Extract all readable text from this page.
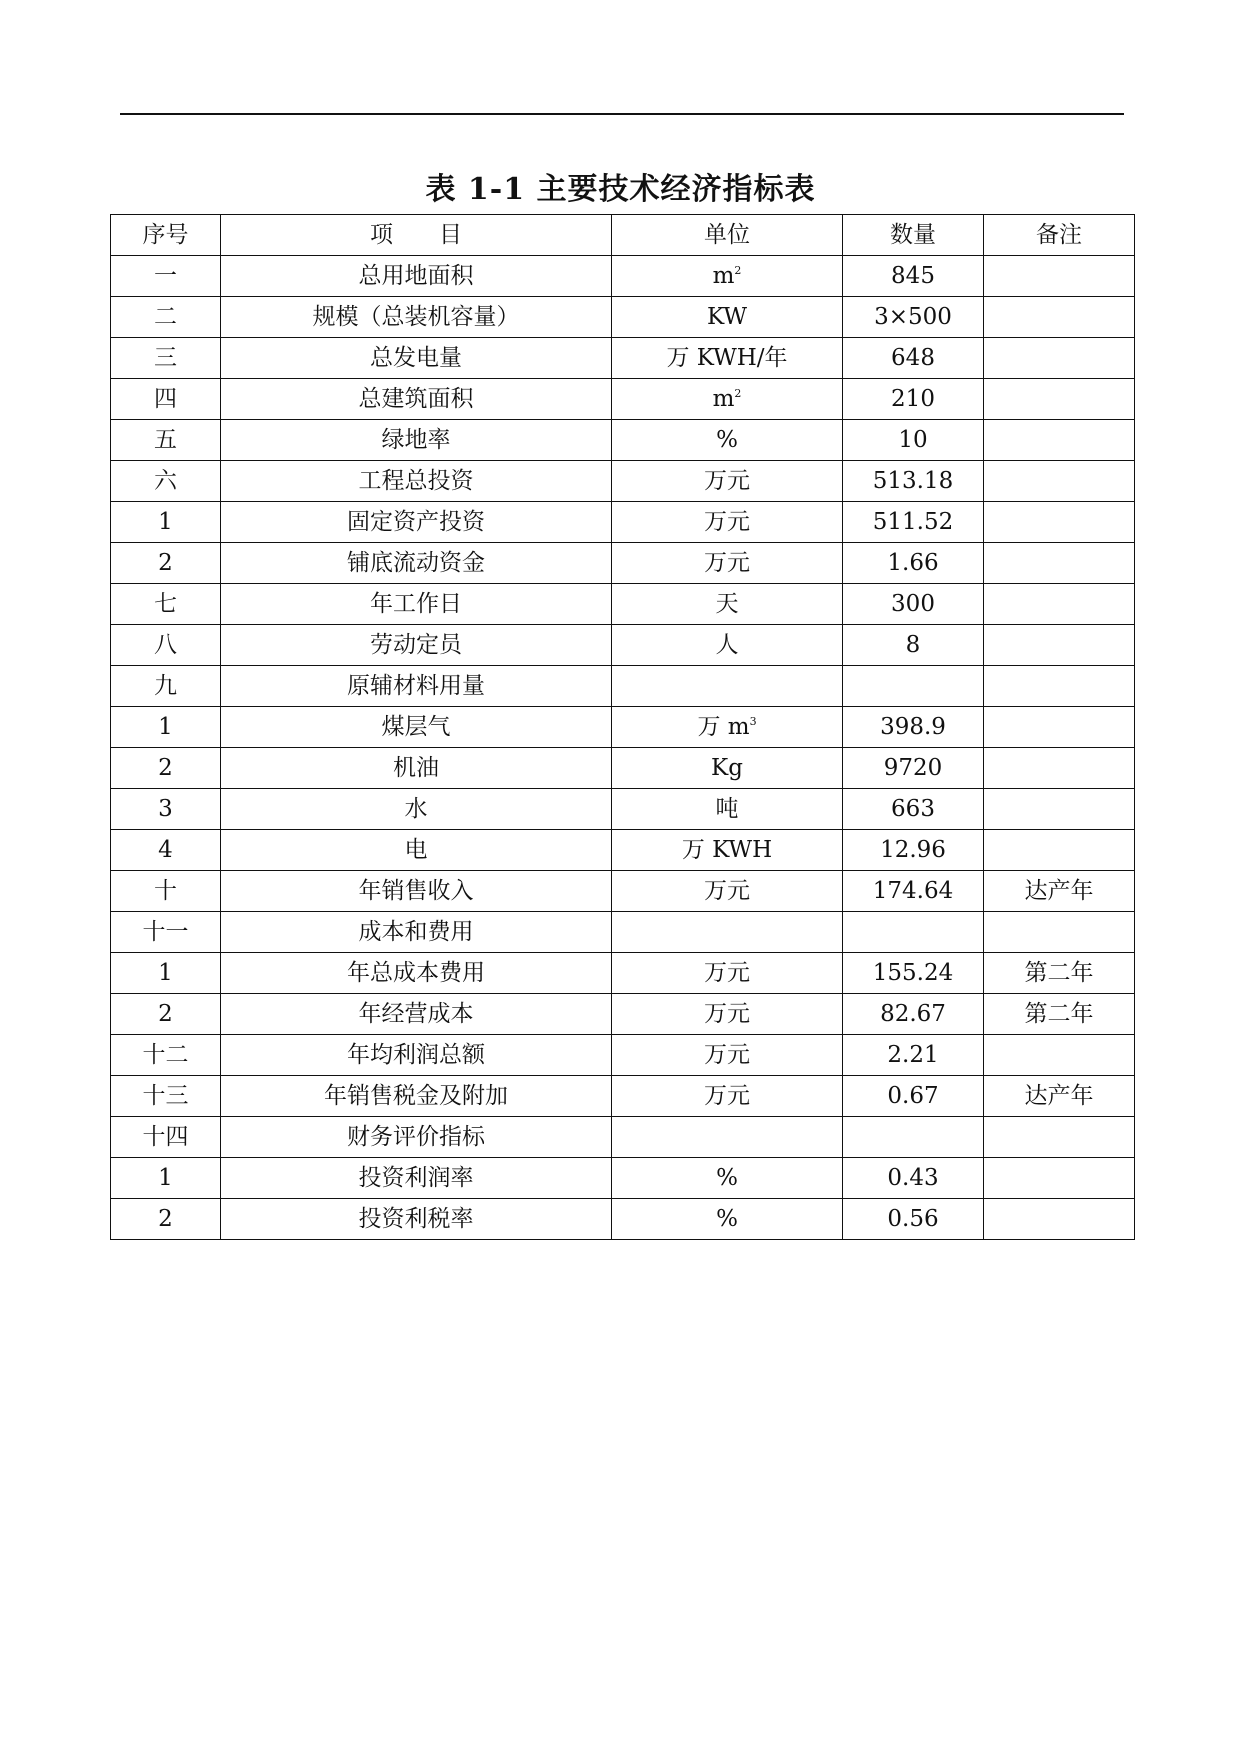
表 1-1 主要技术经济指标表
序号	项　　目	单位	数量	备注
一	总用地面积	$m^2$	845	
二	规模（总装机容量）	KW	3×500	
三	总发电量	万 KWH/年	648	
四	总建筑面积	$m^2$	210	
五	绿地率	%	10	
六	工程总投资	万元	513.18	
1	固定资产投资	万元	511.52	
2	铺底流动资金	万元	1.66	
七	年工作日	天	300	
八	劳动定员	人	8	
九	原辅材料用量			
1	煤层气	万 $m^3$	398.9	
2	机油	Kg	9720	
3	水	吨	663	
4	电	万 KWH	12.96	
十	年销售收入	万元	174.64	达产年
十一	成本和费用			
1	年总成本费用	万元	155.24	第二年
2	年经营成本	万元	82.67	第二年
十二	年均利润总额	万元	2.21	
十三	年销售税金及附加	万元	0.67	达产年
十四	财务评价指标			
1	投资利润率	%	0.43	
2	投资利税率	%	0.56	
